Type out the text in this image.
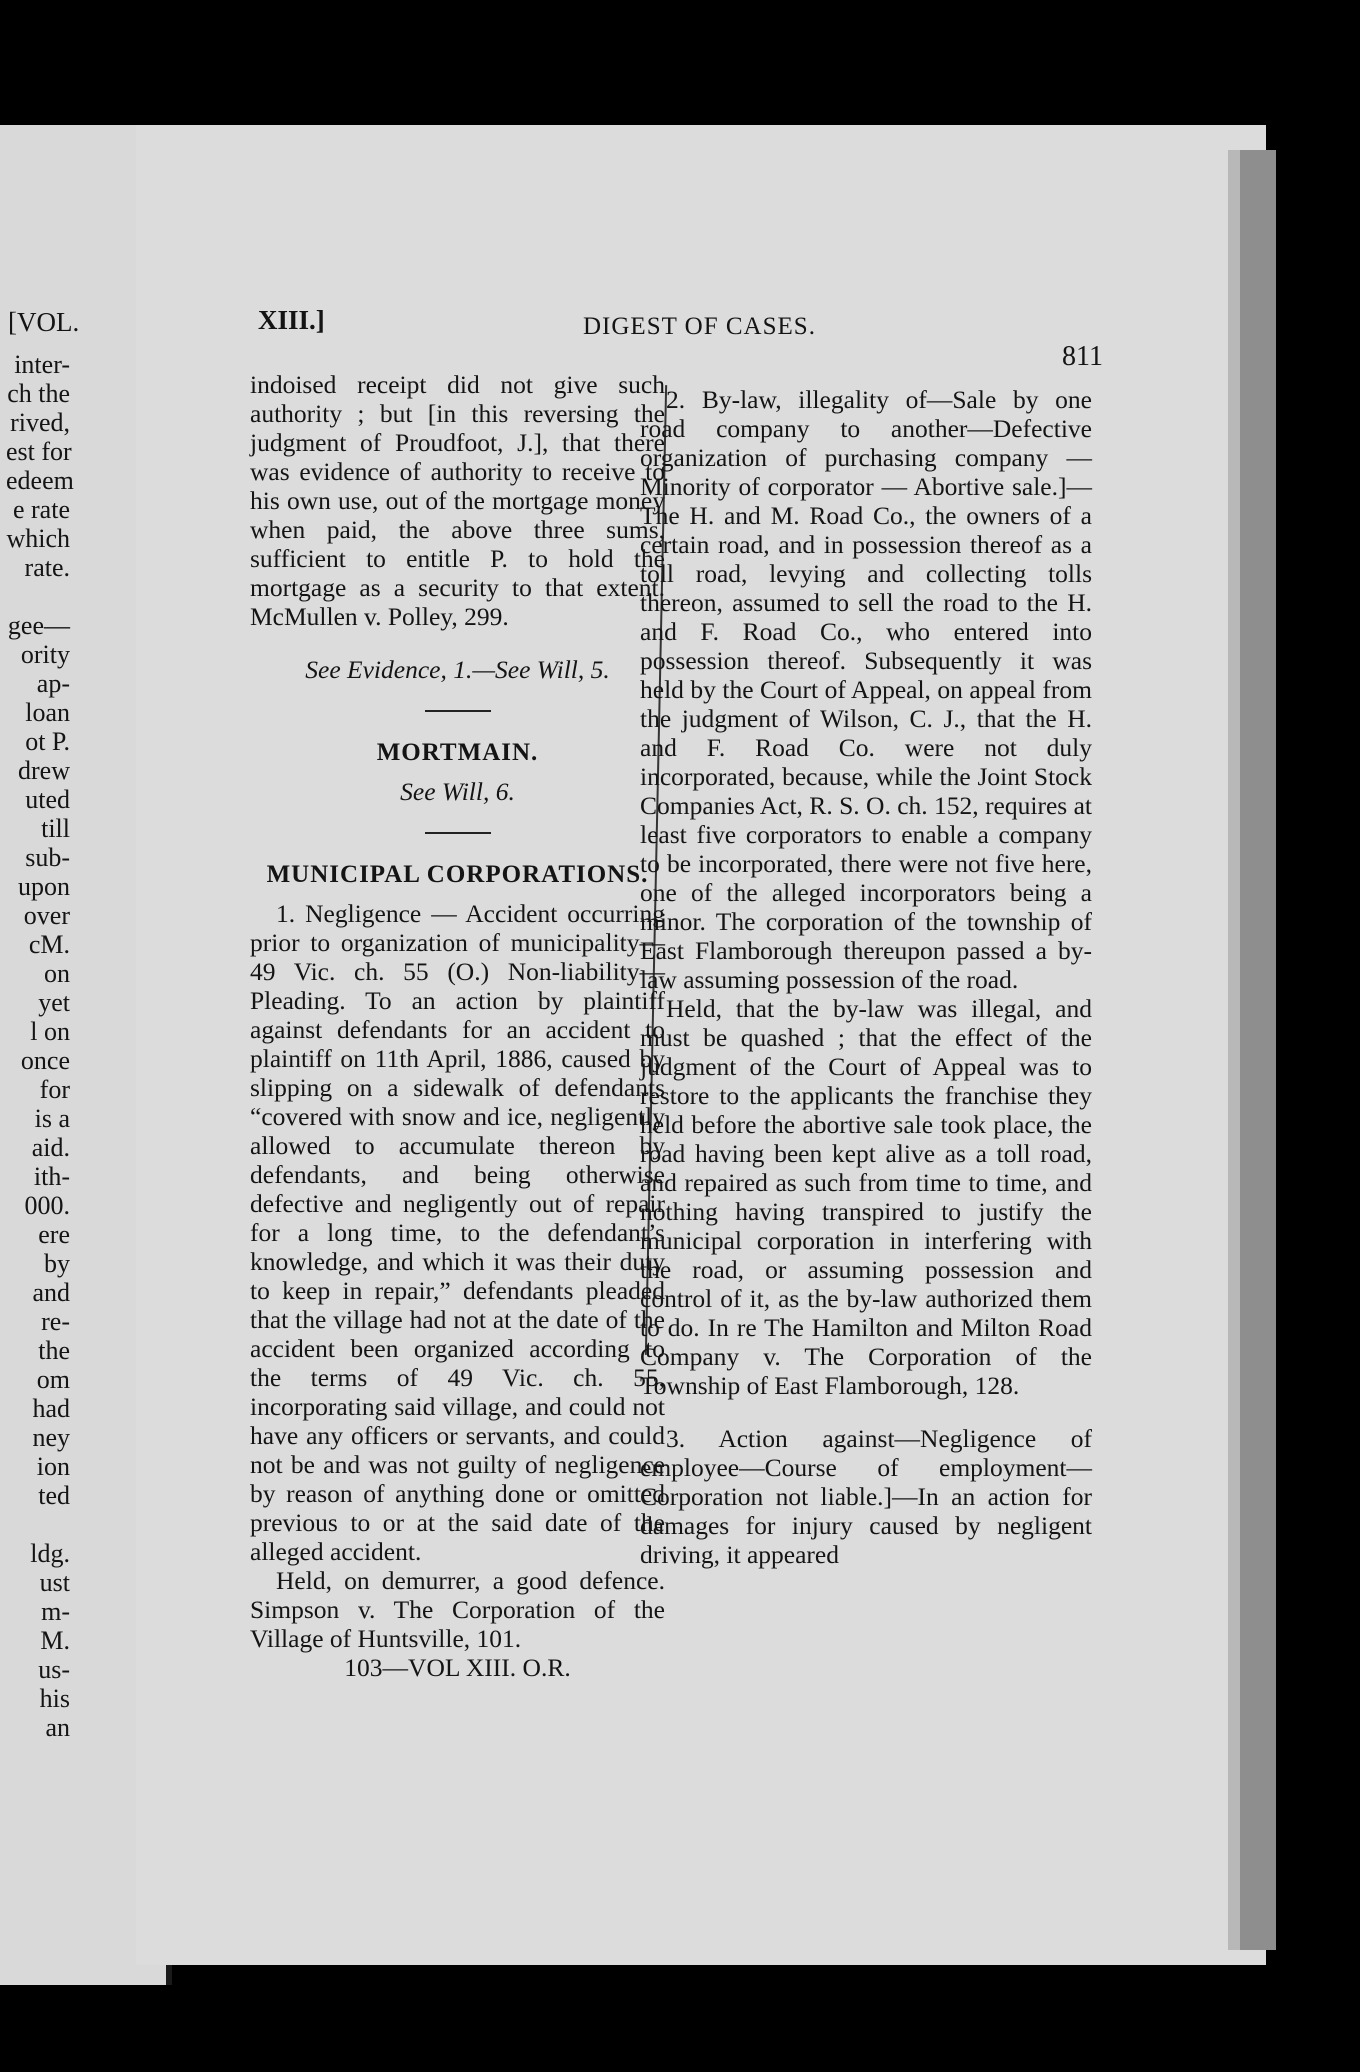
[VOL.
inter-
ch the
rived,
est for
edeem
e rate
which
rate.

gee—
ority
ap-
loan
ot P.
drew
uted
till
sub-
upon
over
cM.
on
yet
l on
once
for
is a
aid.
ith-
000.
ere
by
and
re-
the
om
had
ney
ion
ted

ldg.
ust
m-
M.
us-
his
an
XIII.]	DIGEST OF CASES.
811

indoised receipt did not give such authority ; but [in this reversing the judgment of Proudfoot, J.], that there was evidence of authority to receive to his own use, out of the mortgage money when paid, the above three sums, sufficient to entitle P. to hold the mortgage as a security to that extent. McMullen v. Polley, 299.

See Evidence, 1.—See Will, 5.

MORTMAIN.

See Will, 6.

MUNICIPAL CORPORATIONS.

1. Negligence — Accident occurring prior to organization of municipality—49 Vic. ch. 55 (O.) Non-liability—Pleading. To an action by plaintiff against defendants for an accident to plaintiff on 11th April, 1886, caused by slipping on a sidewalk of defendants “covered with snow and ice, negligently allowed to accumulate thereon by defendants, and being otherwise defective and negligently out of repair for a long time, to the defendant’s knowledge, and which it was their duty to keep in repair,” defendants pleaded that the village had not at the date of the accident been organized according to the terms of 49 Vic. ch. 55, incorporating said village, and could not have any officers or servants, and could not be and was not guilty of negligence by reason of anything done or omitted previous to or at the said date of the alleged accident.

Held, on demurrer, a good defence. Simpson v. The Corporation of the Village of Huntsville, 101.

103—VOL XIII. O.R.

2. By-law, illegality of—Sale by one road company to another—Defective organization of purchasing company — Minority of corporator — Abortive sale.]—The H. and M. Road Co., the owners of a certain road, and in possession thereof as a toll road, levying and collecting tolls thereon, assumed to sell the road to the H. and F. Road Co., who entered into possession thereof. Subsequently it was held by the Court of Appeal, on appeal from the judgment of Wilson, C. J., that the H. and F. Road Co. were not duly incorporated, because, while the Joint Stock Companies Act, R. S. O. ch. 152, requires at least five corporators to enable a company to be incorporated, there were not five here, one of the alleged incorporators being a minor. The corporation of the township of East Flamborough thereupon passed a by-law assuming possession of the road.

Held, that the by-law was illegal, and must be quashed ; that the effect of the judgment of the Court of Appeal was to restore to the applicants the franchise they held before the abortive sale took place, the road having been kept alive as a toll road, and repaired as such from time to time, and nothing having transpired to justify the municipal corporation in interfering with the road, or assuming possession and control of it, as the by-law authorized them to do. In re The Hamilton and Milton Road Company v. The Corporation of the Township of East Flamborough, 128.

3. Action against—Negligence of employee—Course of employment—Corporation not liable.]—In an action for damages for injury caused by negligent driving, it appeared
